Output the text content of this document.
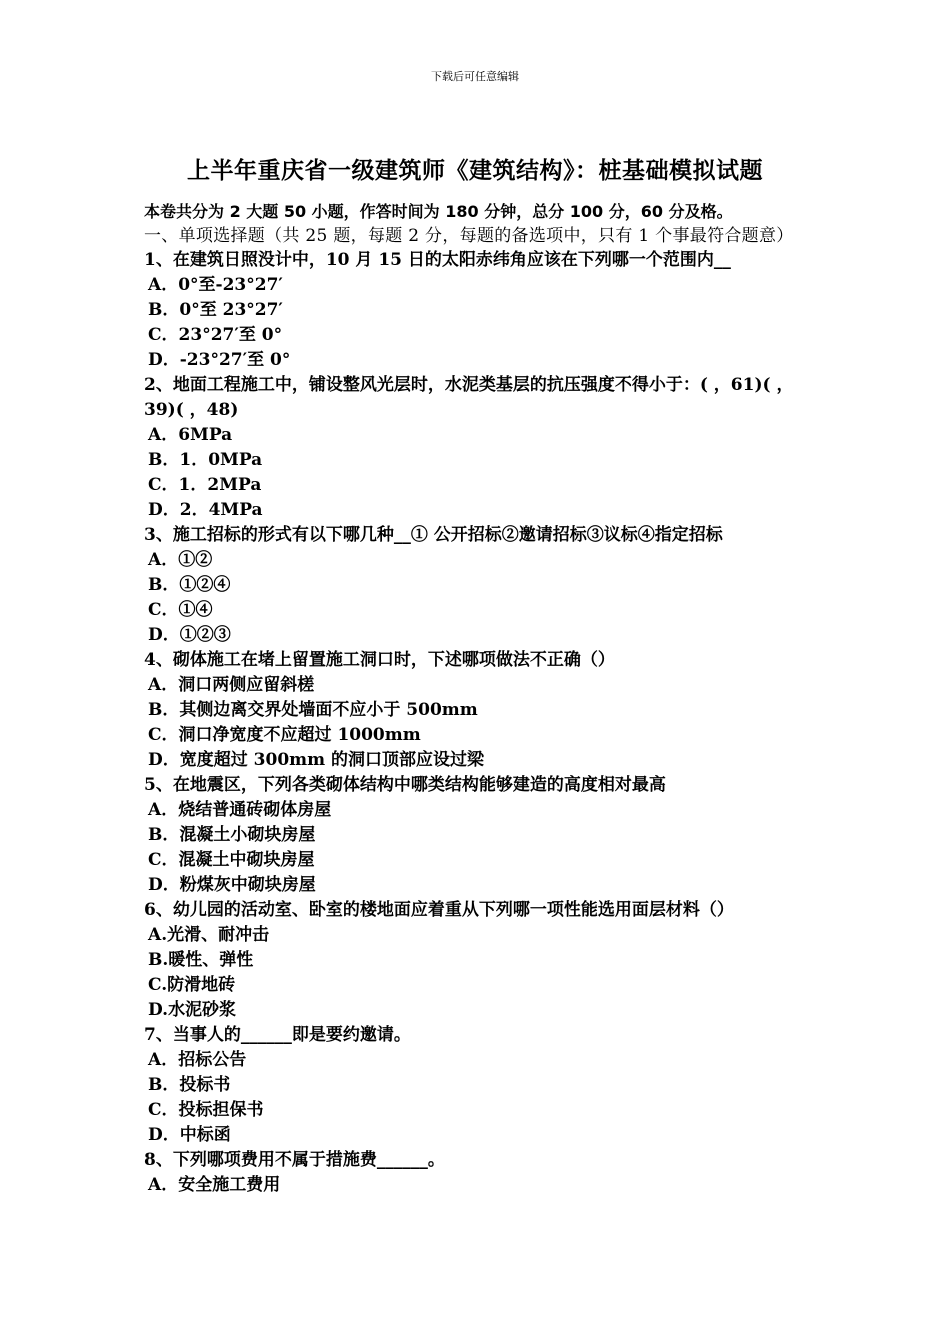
下载后可任意编辑
上半年重庆省一级建筑师《建筑结构》：桩基础模拟试题
本卷共分为 2 大题 50 小题，作答时间为 180 分钟，总分 100 分，60 分及格。
一、单项选择题（共 25 题，每题 2 分，每题的备选项中，只有 1 个事最符合题意）
1、在建筑日照没计中，10 月 15 日的太阳赤纬角应该在下列哪一个范围内__
A．0°至-23°27′
B．0°至 23°27′
C．23°27′至 0°
D．-23°27′至 0°
2、地面工程施工中，铺设整风光层时，水泥类基层的抗压强度不得小于：( ，61)( ，39)( ，48)
A．6MPa
B．1．0MPa
C．1．2MPa
D．2．4MPa
3、施工招标的形式有以下哪几种__① 公开招标②邀请招标③议标④指定招标
A．①②
B．①②④
C．①④
D．①②③
4、砌体施工在堵上留置施工洞口时，下述哪项做法不正确（）
A．洞口两侧应留斜槎
B．其侧边离交界处墙面不应小于 500mm
C．洞口净宽度不应超过 1000mm
D．宽度超过 300mm 的洞口顶部应设过梁
5、在地震区，下列各类砌体结构中哪类结构能够建造的高度相对最高
A．烧结普通砖砌体房屋
B．混凝土小砌块房屋
C．混凝土中砌块房屋
D．粉煤灰中砌块房屋
6、幼儿园的活动室、卧室的楼地面应着重从下列哪一项性能选用面层材料（）
A.光滑、耐冲击
B.暖性、弹性
C.防滑地砖
D.水泥砂浆
7、当事人的______即是要约邀请。
A．招标公告
B．投标书
C．投标担保书
D．中标函
8、下列哪项费用不属于措施费______。
A．安全施工费用
